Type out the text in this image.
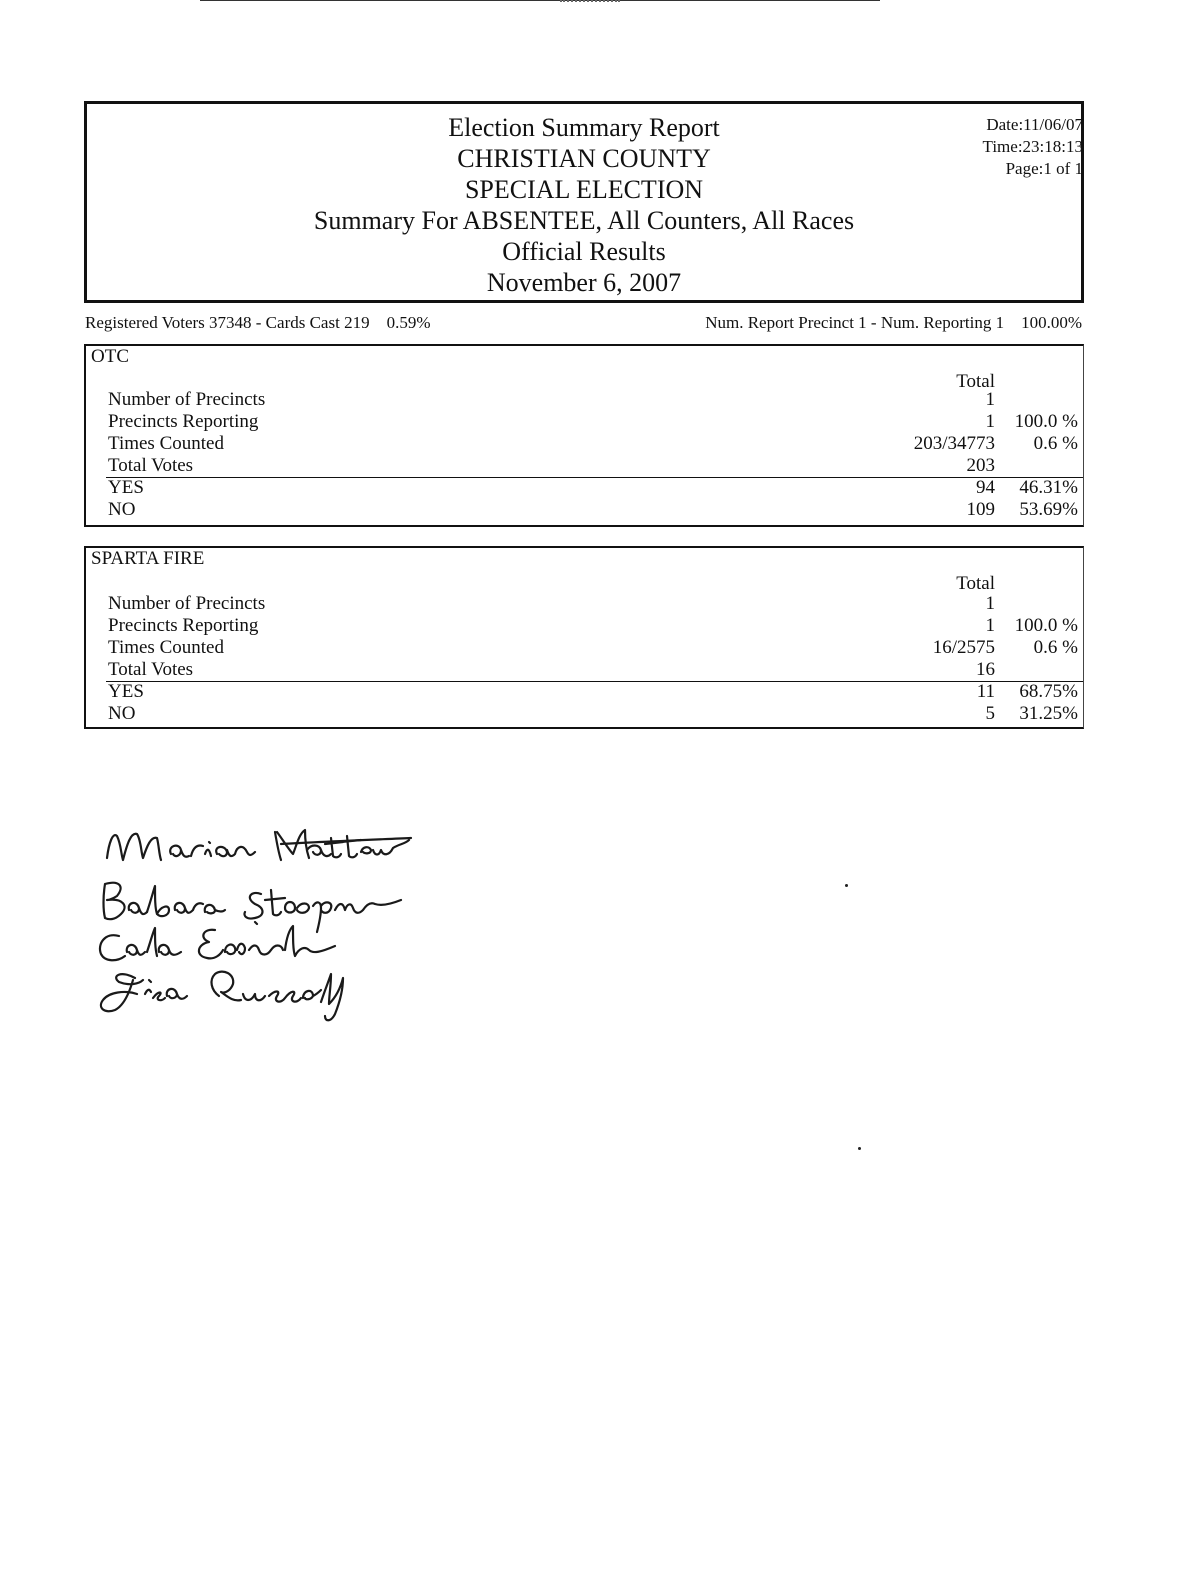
Election Summary Report
CHRISTIAN COUNTY
SPECIAL ELECTION
Summary For ABSENTEE, All Counters, All Races
Official Results
November 6, 2007
Date:11/06/07
Time:23:18:13
Page:1 of 1
Registered Voters 37348 - Cards Cast 219    0.59%	Num. Report Precinct 1 - Num. Reporting 1    100.00%
OTC
Total
Number of Precincts	1
Precincts Reporting	1 100.0 %
Times Counted	203/34773 0.6 %
Total Votes	203
YES	94 46.31%
NO	109 53.69%
SPARTA FIRE
Total
Number of Precincts	1
Precincts Reporting	1 100.0 %
Times Counted	16/2575 0.6 %
Total Votes	16
YES	11 68.75%
NO	5 31.25%
